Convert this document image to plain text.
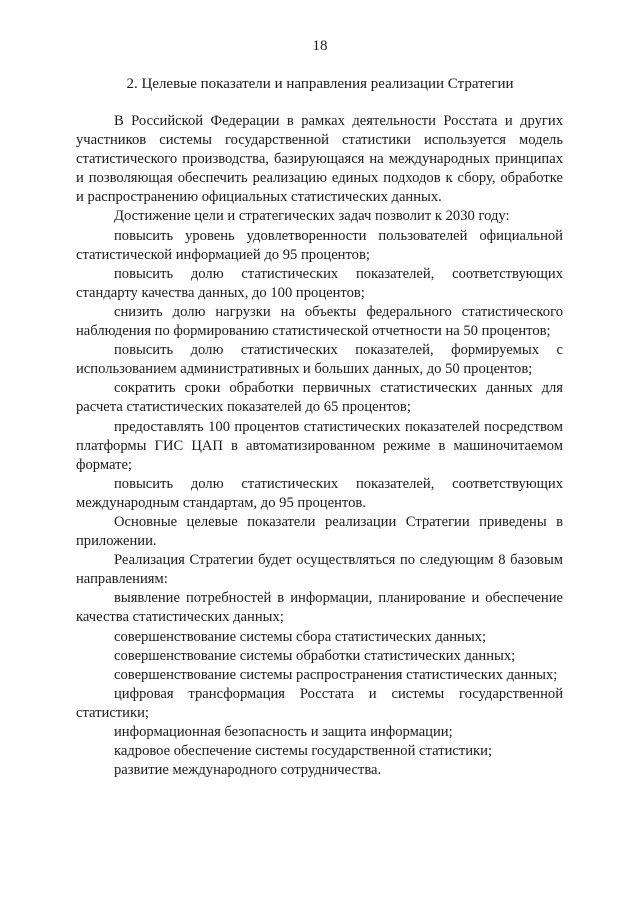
18
2. Целевые показатели и направления реализации Стратегии

В Российской Федерации в рамках деятельности Росстата и других участников системы государственной статистики используется модель статистического производства, базирующаяся на международных принципах и позволяющая обеспечить реализацию единых подходов к сбору, обработке и распространению официальных статистических данных.

Достижение цели и стратегических задач позволит к 2030 году:

повысить уровень удовлетворенности пользователей официальной статистической информацией до 95 процентов;

повысить долю статистических показателей, соответствующих стандарту качества данных, до 100 процентов;

снизить долю нагрузки на объекты федерального статистического наблюдения по формированию статистической отчетности на 50 процентов;

повысить долю статистических показателей, формируемых с использованием административных и больших данных, до 50 процентов;

сократить сроки обработки первичных статистических данных для расчета статистических показателей до 65 процентов;

предоставлять 100 процентов статистических показателей посредством платформы ГИС ЦАП в автоматизированном режиме в машиночитаемом формате;

повысить долю статистических показателей, соответствующих международным стандартам, до 95 процентов.

Основные целевые показатели реализации Стратегии приведены в приложении.

Реализация Стратегии будет осуществляться по следующим 8 базовым направлениям:

выявление потребностей в информации, планирование и обеспечение качества статистических данных;

совершенствование системы сбора статистических данных;

совершенствование системы обработки статистических данных;

совершенствование системы распространения статистических данных;

цифровая трансформация Росстата и системы государственной статистики;

информационная безопасность и защита информации;

кадровое обеспечение системы государственной статистики;

развитие международного сотрудничества.
